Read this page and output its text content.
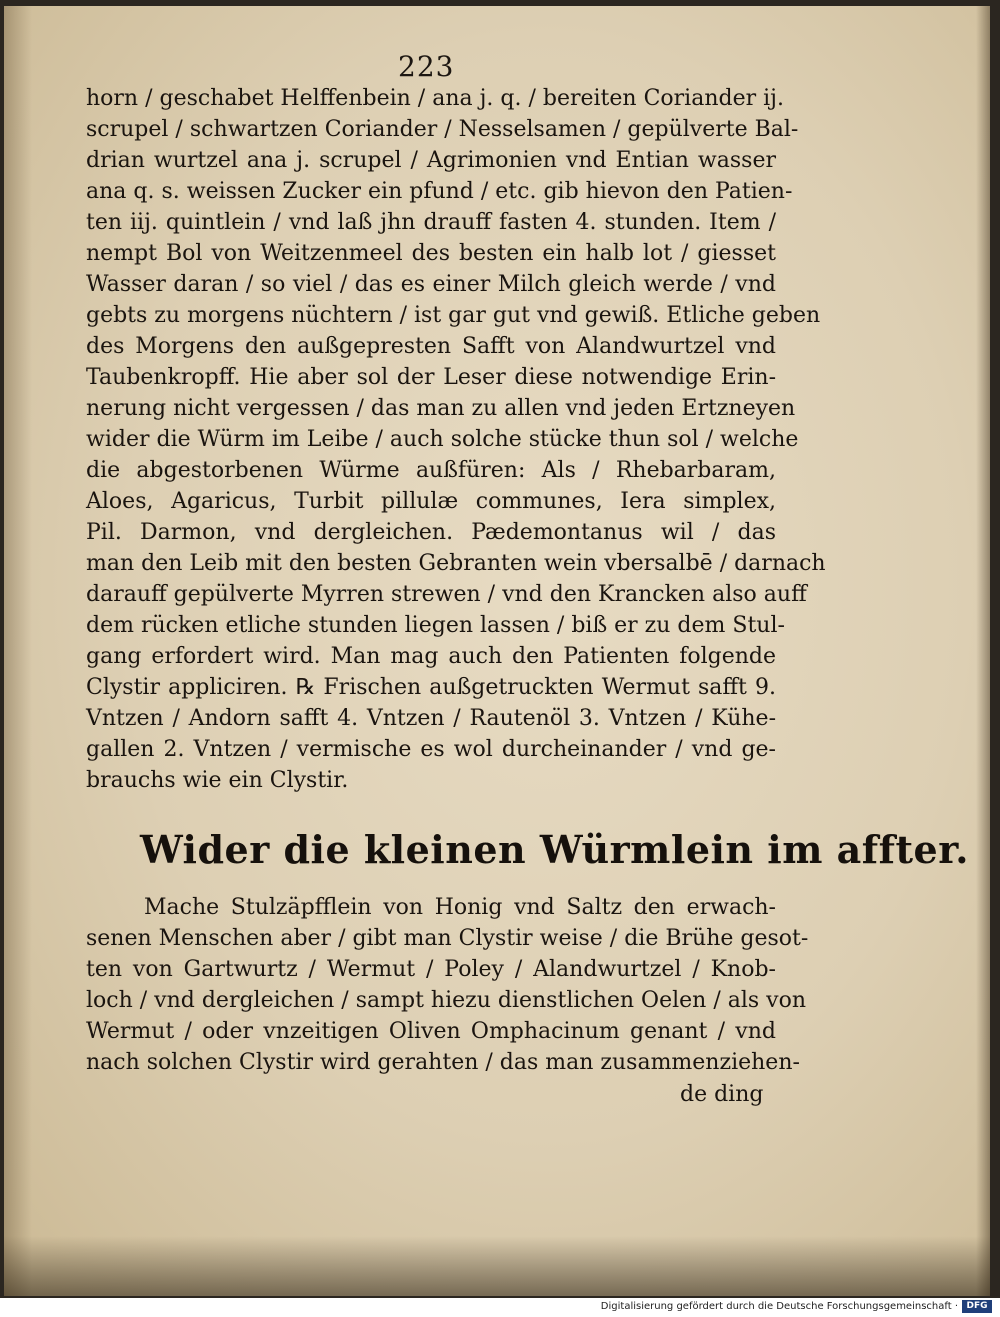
223
horn / geschabet Helffenbein / ana j. q. / bereiten Coriander ij.
scrupel / schwartzen Coriander / Nesselsamen / gepülverte Bal-
drian wurtzel ana j. scrupel / Agrimonien vnd Entian wasser
ana q. s. weissen Zucker ein pfund / etc. gib hievon den Patien-
ten iij. quintlein / vnd laß jhn drauff fasten 4. stunden. Item /
nempt Bol von Weitzenmeel des besten ein halb lot / giesset
Wasser daran / so viel / das es einer Milch gleich werde / vnd
gebts zu morgens nüchtern / ist gar gut vnd gewiß. Etliche geben
des Morgens den außgepresten Safft von Alandwurtzel vnd
Taubenkropff. Hie aber sol der Leser diese notwendige Erin-
nerung nicht vergessen / das man zu allen vnd jeden Ertzneyen
wider die Würm im Leibe / auch solche stücke thun sol / welche
die abgestorbenen Würme außfüren: Als / Rhebarbaram,
Aloes, Agaricus, Turbit pillulæ communes, Iera simplex,
Pil. Darmon, vnd dergleichen. Pædemontanus wil / das
man den Leib mit den besten Gebranten wein vbersalbē / darnach
darauff gepülverte Myrren strewen / vnd den Krancken also auff
dem rücken etliche stunden liegen lassen / biß er zu dem Stul-
gang erfordert wird. Man mag auch den Patienten folgende
Clystir appliciren. ℞ Frischen außgetruckten Wermut safft 9.
Vntzen / Andorn safft 4. Vntzen / Rautenöl 3. Vntzen / Kühe-
gallen 2. Vntzen / vermische es wol durcheinander / vnd ge-
brauchs wie ein Clystir.
Wider die kleinen Würmlein im affter.
Mache Stulzäpfflein von Honig vnd Saltz den erwach-
senen Menschen aber / gibt man Clystir weise / die Brühe gesot-
ten von Gartwurtz / Wermut / Poley / Alandwurtzel / Knob-
loch / vnd dergleichen / sampt hiezu dienstlichen Oelen / als von
Wermut / oder vnzeitigen Oliven Omphacinum genant / vnd
nach solchen Clystir wird gerahten / das man zusammenziehen-
de ding
Digitalisierung gefördert durch die Deutsche Forschungsgemeinschaft · DFG
